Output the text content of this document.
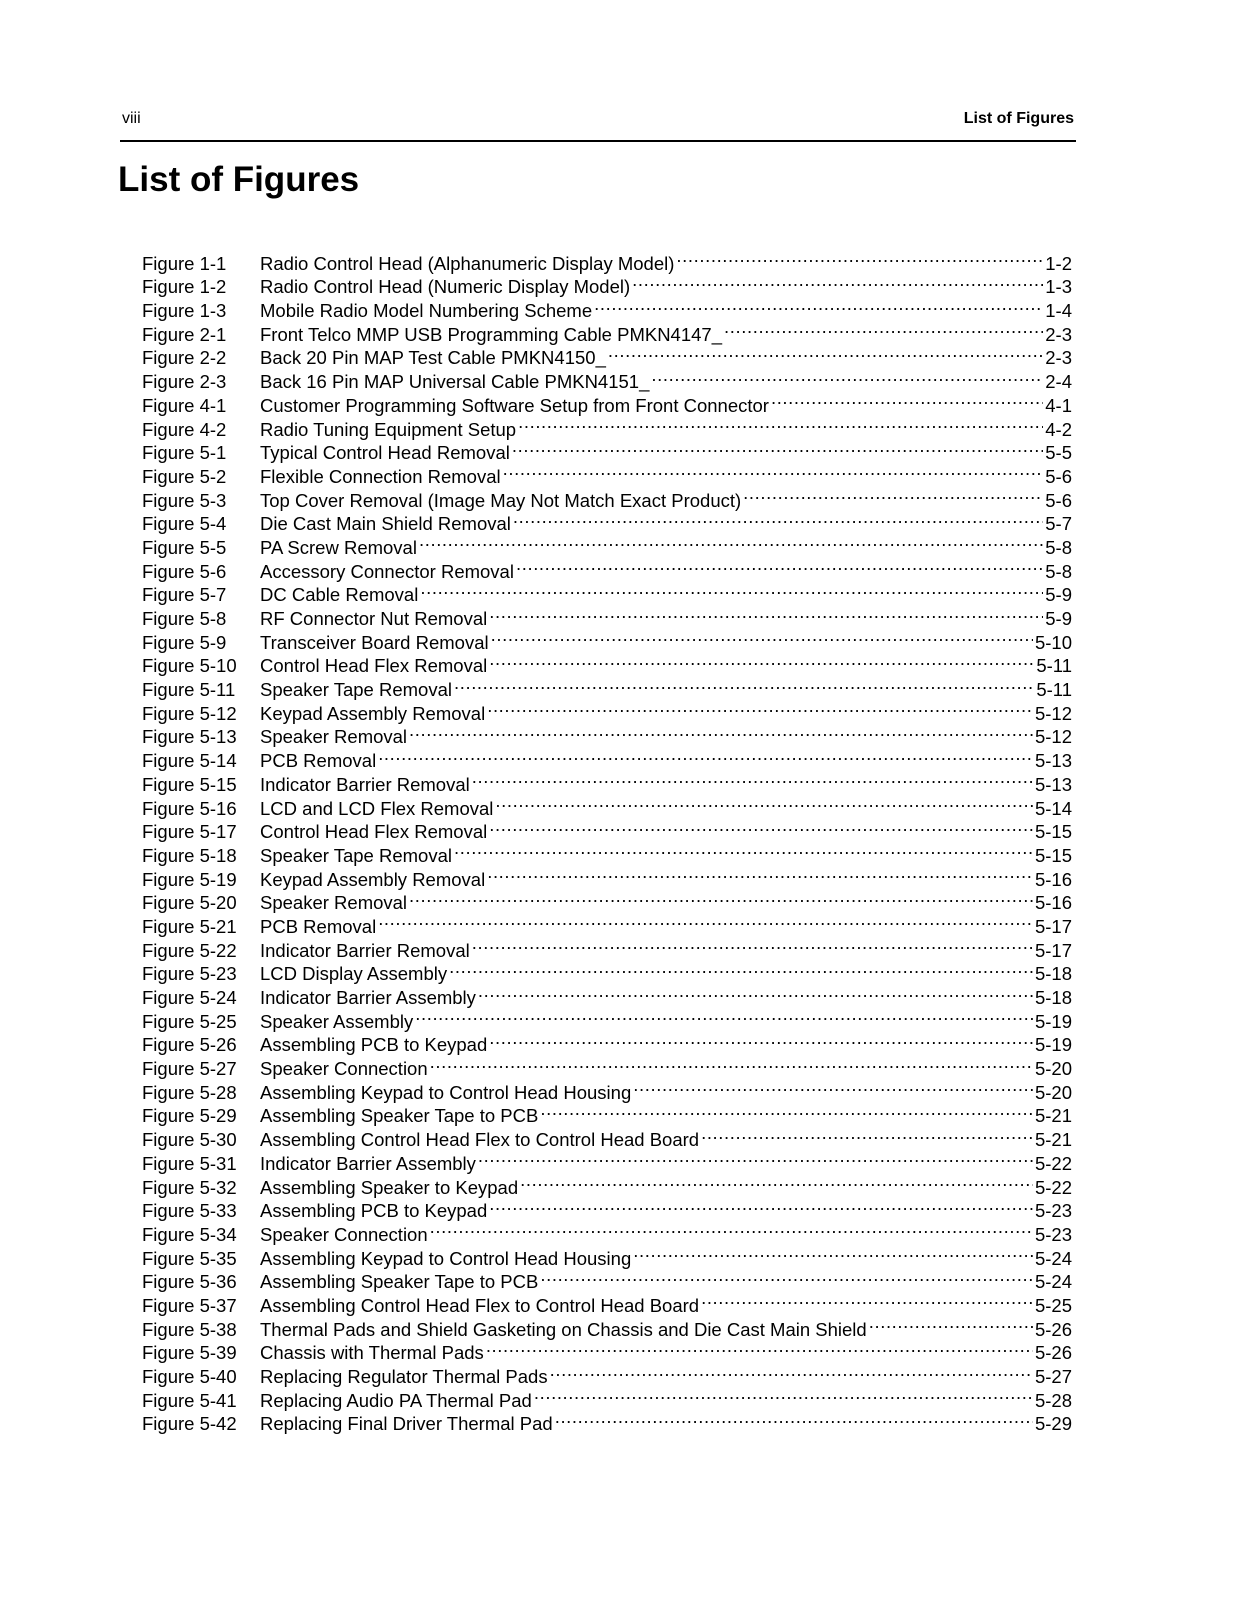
viii	List of Figures
List of Figures
Figure 1-1	Radio Control Head (Alphanumeric Display Model) .....	1-2
Figure 1-2	Radio Control Head (Numeric Display Model) .....	1-3
Figure 1-3	Mobile Radio Model Numbering Scheme .....	1-4
Figure 2-1	Front Telco MMP USB Programming Cable PMKN4147_ .....	2-3
Figure 2-2	Back 20 Pin MAP Test Cable PMKN4150_ .....	2-3
Figure 2-3	Back 16 Pin MAP Universal Cable PMKN4151_ .....	2-4
Figure 4-1	Customer Programming Software Setup from Front Connector .....	4-1
Figure 4-2	Radio Tuning Equipment Setup .....	4-2
Figure 5-1	Typical Control Head Removal .....	5-5
Figure 5-2	Flexible Connection Removal .....	5-6
Figure 5-3	Top Cover Removal (Image May Not Match Exact Product) .....	5-6
Figure 5-4	Die Cast Main Shield Removal .....	5-7
Figure 5-5	PA Screw Removal .....	5-8
Figure 5-6	Accessory Connector Removal .....	5-8
Figure 5-7	DC Cable Removal .....	5-9
Figure 5-8	RF Connector Nut Removal .....	5-9
Figure 5-9	Transceiver Board Removal .....	5-10
Figure 5-10	Control Head Flex Removal .....	5-11
Figure 5-11	Speaker Tape Removal .....	5-11
Figure 5-12	Keypad Assembly Removal .....	5-12
Figure 5-13	Speaker Removal .....	5-12
Figure 5-14	PCB Removal .....	5-13
Figure 5-15	Indicator Barrier Removal .....	5-13
Figure 5-16	LCD and LCD Flex Removal .....	5-14
Figure 5-17	Control Head Flex Removal .....	5-15
Figure 5-18	Speaker Tape Removal .....	5-15
Figure 5-19	Keypad Assembly Removal .....	5-16
Figure 5-20	Speaker Removal .....	5-16
Figure 5-21	PCB Removal .....	5-17
Figure 5-22	Indicator Barrier Removal .....	5-17
Figure 5-23	LCD Display Assembly .....	5-18
Figure 5-24	Indicator Barrier Assembly .....	5-18
Figure 5-25	Speaker Assembly .....	5-19
Figure 5-26	Assembling PCB to Keypad .....	5-19
Figure 5-27	Speaker Connection .....	5-20
Figure 5-28	Assembling Keypad to Control Head Housing .....	5-20
Figure 5-29	Assembling Speaker Tape to PCB .....	5-21
Figure 5-30	Assembling Control Head Flex to Control Head Board .....	5-21
Figure 5-31	Indicator Barrier Assembly .....	5-22
Figure 5-32	Assembling Speaker to Keypad .....	5-22
Figure 5-33	Assembling PCB to Keypad .....	5-23
Figure 5-34	Speaker Connection .....	5-23
Figure 5-35	Assembling Keypad to Control Head Housing .....	5-24
Figure 5-36	Assembling Speaker Tape to PCB .....	5-24
Figure 5-37	Assembling Control Head Flex to Control Head Board .....	5-25
Figure 5-38	Thermal Pads and Shield Gasketing on Chassis and Die Cast Main Shield .....	5-26
Figure 5-39	Chassis with Thermal Pads .....	5-26
Figure 5-40	Replacing Regulator Thermal Pads .....	5-27
Figure 5-41	Replacing Audio PA Thermal Pad .....	5-28
Figure 5-42	Replacing Final Driver Thermal Pad .....	5-29
